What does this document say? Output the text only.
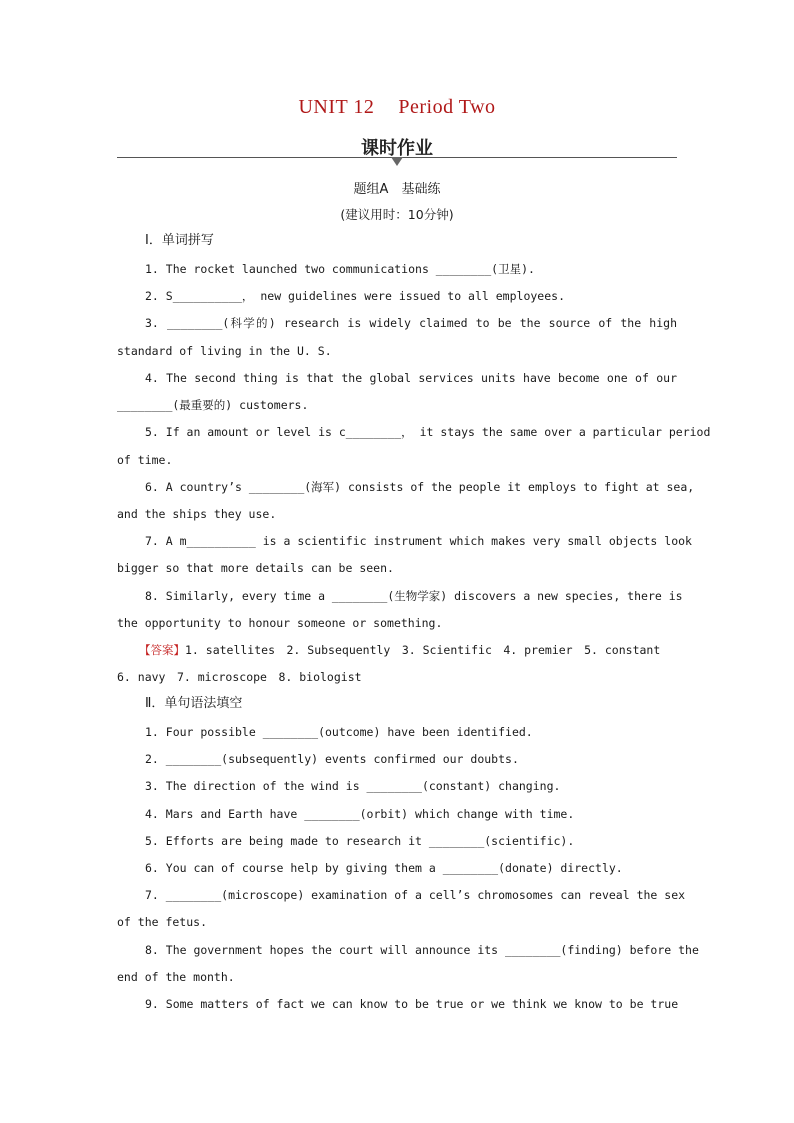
UNIT 12 Period Two
课时作业
题组A　基础练
(建议用时：10分钟)
Ⅰ．单词拼写
1. The rocket launched two communications ________(卫星).
2. S__________， new guidelines were issued to all employees.
3. ________(科学的) research is widely claimed to be the source of the high
standard of living in the U. S.
4. The second thing is that the global services units have become one of our
________(最重要的) customers.
5. If an amount or level is c________， it stays the same over a particular period
of time.
6. A country’s ________(海军) consists of the people it employs to fight at sea,
and the ships they use.
7. A m__________ is a scientific instrument which makes very small objects look
bigger so that more details can be seen.
8. Similarly, every time a ________(生物学家) discovers a new species, there is
the opportunity to honour someone or something.
【答案】1. satellites　2. Subsequently　3. Scientific　4. premier　5. constant
6. navy　7. microscope　8. biologist
Ⅱ．单句语法填空
1. Four possible ________(outcome) have been identified.
2. ________(subsequently) events confirmed our doubts.
3. The direction of the wind is ________(constant) changing.
4. Mars and Earth have ________(orbit) which change with time.
5. Efforts are being made to research it ________(scientific).
6. You can of course help by giving them a ________(donate) directly.
7. ________(microscope) examination of a cell’s chromosomes can reveal the sex
of the fetus.
8. The government hopes the court will announce its ________(finding) before the
end of the month.
9. Some matters of fact we can know to be true or we think we know to be true
